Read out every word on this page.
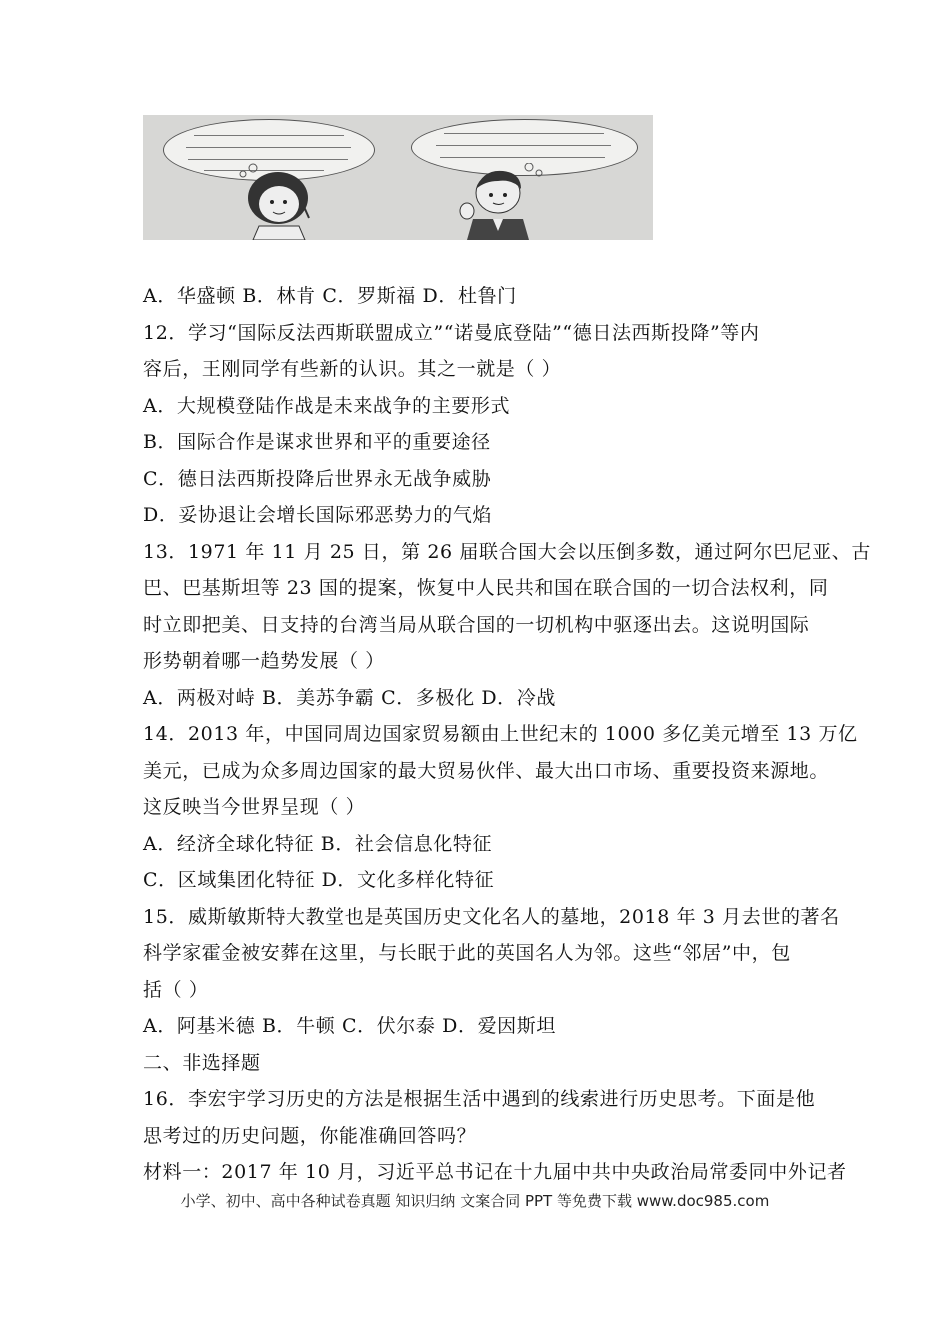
A．华盛顿 B．林肯 C．罗斯福 D．杜鲁门
12．学习“国际反法西斯联盟成立”“诺曼底登陆”“德日法西斯投降”等内
容后，王刚同学有些新的认识。其之一就是（ ）
A．大规模登陆作战是未来战争的主要形式
B．国际合作是谋求世界和平的重要途径
C．德日法西斯投降后世界永无战争威胁
D．妥协退让会增长国际邪恶势力的气焰
13．1971 年 11 月 25 日，第 26 届联合国大会以压倒多数，通过阿尔巴尼亚、古
巴、巴基斯坦等 23 国的提案，恢复中人民共和国在联合国的一切合法权利，同
时立即把美、日支持的台湾当局从联合国的一切机构中驱逐出去。这说明国际
形势朝着哪一趋势发展（ ）
A．两极对峙 B．美苏争霸 C．多极化 D．冷战
14．2013 年，中国同周边国家贸易额由上世纪末的 1000 多亿美元增至 13 万亿
美元，已成为众多周边国家的最大贸易伙伴、最大出口市场、重要投资来源地。
这反映当今世界呈现（ ）
A．经济全球化特征 B．社会信息化特征
C．区域集团化特征 D．文化多样化特征
15．威斯敏斯特大教堂也是英国历史文化名人的墓地，2018 年 3 月去世的著名
科学家霍金被安葬在这里，与长眠于此的英国名人为邻。这些“邻居”中，包
括（ ）
A．阿基米德 B．牛顿 C．伏尔泰 D．爱因斯坦
二、非选择题
16．李宏宇学习历史的方法是根据生活中遇到的线索进行历史思考。下面是他
思考过的历史问题，你能准确回答吗？
材料一：2017 年 10 月，习近平总书记在十九届中共中央政治局常委同中外记者
小学、初中、高中各种试卷真题 知识归纳 文案合同 PPT 等免费下载 www.doc985.com
